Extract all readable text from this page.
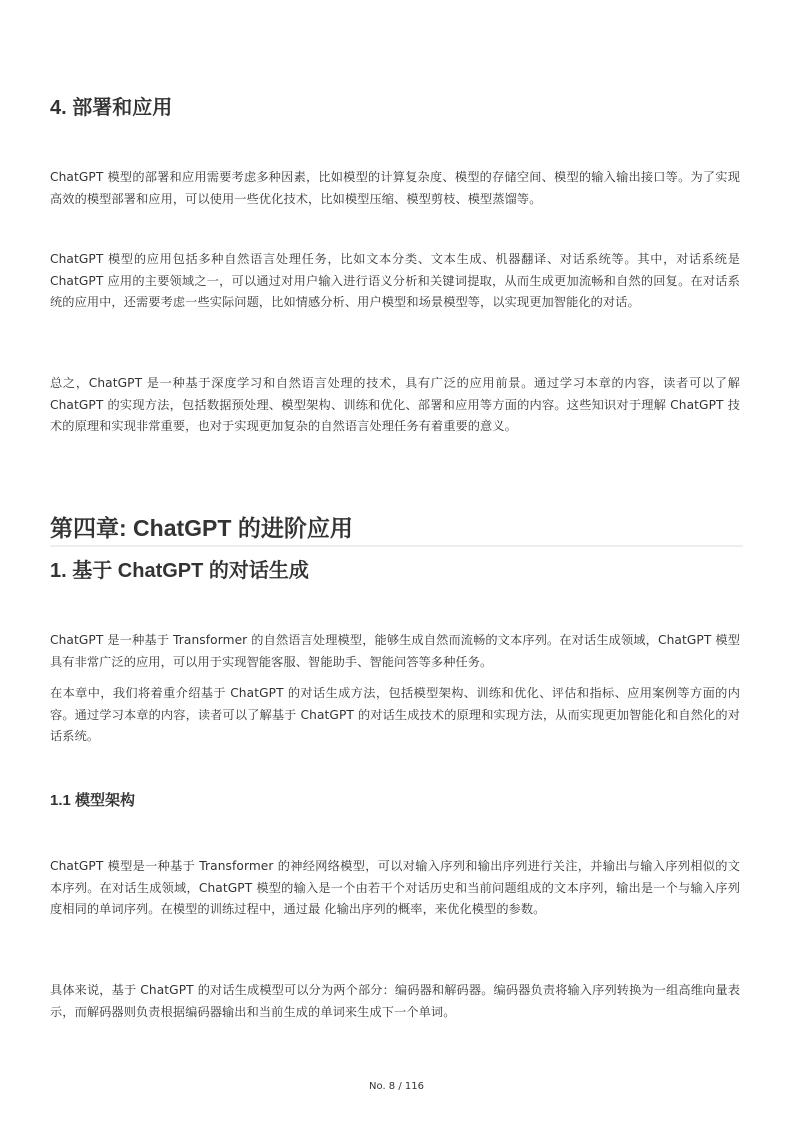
4. 部署和应用

ChatGPT 模型的部署和应用需要考虑多种因素，比如模型的计算复杂度、模型的存储空间、模型的输入输出接口等。为了实现高效的模型部署和应用，可以使用一些优化技术，比如模型压缩、模型剪枝、模型蒸馏等。

ChatGPT 模型的应用包括多种自然语言处理任务，比如文本分类、文本生成、机器翻译、对话系统等。其中，对话系统是 ChatGPT 应用的主要领域之一，可以通过对用户输入进行语义分析和关键词提取，从而生成更加流畅和自然的回复。在对话系统的应用中，还需要考虑一些实际问题，比如情感分析、用户模型和场景模型等，以实现更加智能化的对话。

总之，ChatGPT 是一种基于深度学习和自然语言处理的技术，具有广泛的应用前景。通过学习本章的内容，读者可以了解 ChatGPT 的实现方法，包括数据预处理、模型架构、训练和优化、部署和应用等方面的内容。这些知识对于理解 ChatGPT 技术的原理和实现非常重要，也对于实现更加复杂的自然语言处理任务有着重要的意义。

第四章: ChatGPT 的进阶应用
1. 基于 ChatGPT 的对话生成

ChatGPT 是一种基于 Transformer 的自然语言处理模型，能够生成自然而流畅的文本序列。在对话生成领域，ChatGPT 模型具有非常广泛的应用，可以用于实现智能客服、智能助手、智能问答等多种任务。

在本章中，我们将着重介绍基于 ChatGPT 的对话生成方法，包括模型架构、训练和优化、评估和指标、应用案例等方面的内容。通过学习本章的内容，读者可以了解基于 ChatGPT 的对话生成技术的原理和实现方法，从而实现更加智能化和自然化的对话系统。

1.1 模型架构

ChatGPT 模型是一种基于 Transformer 的神经网络模型，可以对输入序列和输出序列进行关注，并输出与输入序列相似的文本序列。在对话生成领域，ChatGPT 模型的输入是一个由若干个对话历史和当前问题组成的文本序列，输出是一个与输入序列 度相同的单词序列。在模型的训练过程中，通过最 化输出序列的概率，来优化模型的参数。

具体来说，基于 ChatGPT 的对话生成模型可以分为两个部分：编码器和解码器。编码器负责将输入序列转换为一组高维向量表示，而解码器则负责根据编码器输出和当前生成的单词来生成下一个单词。

No. 8 / 116
